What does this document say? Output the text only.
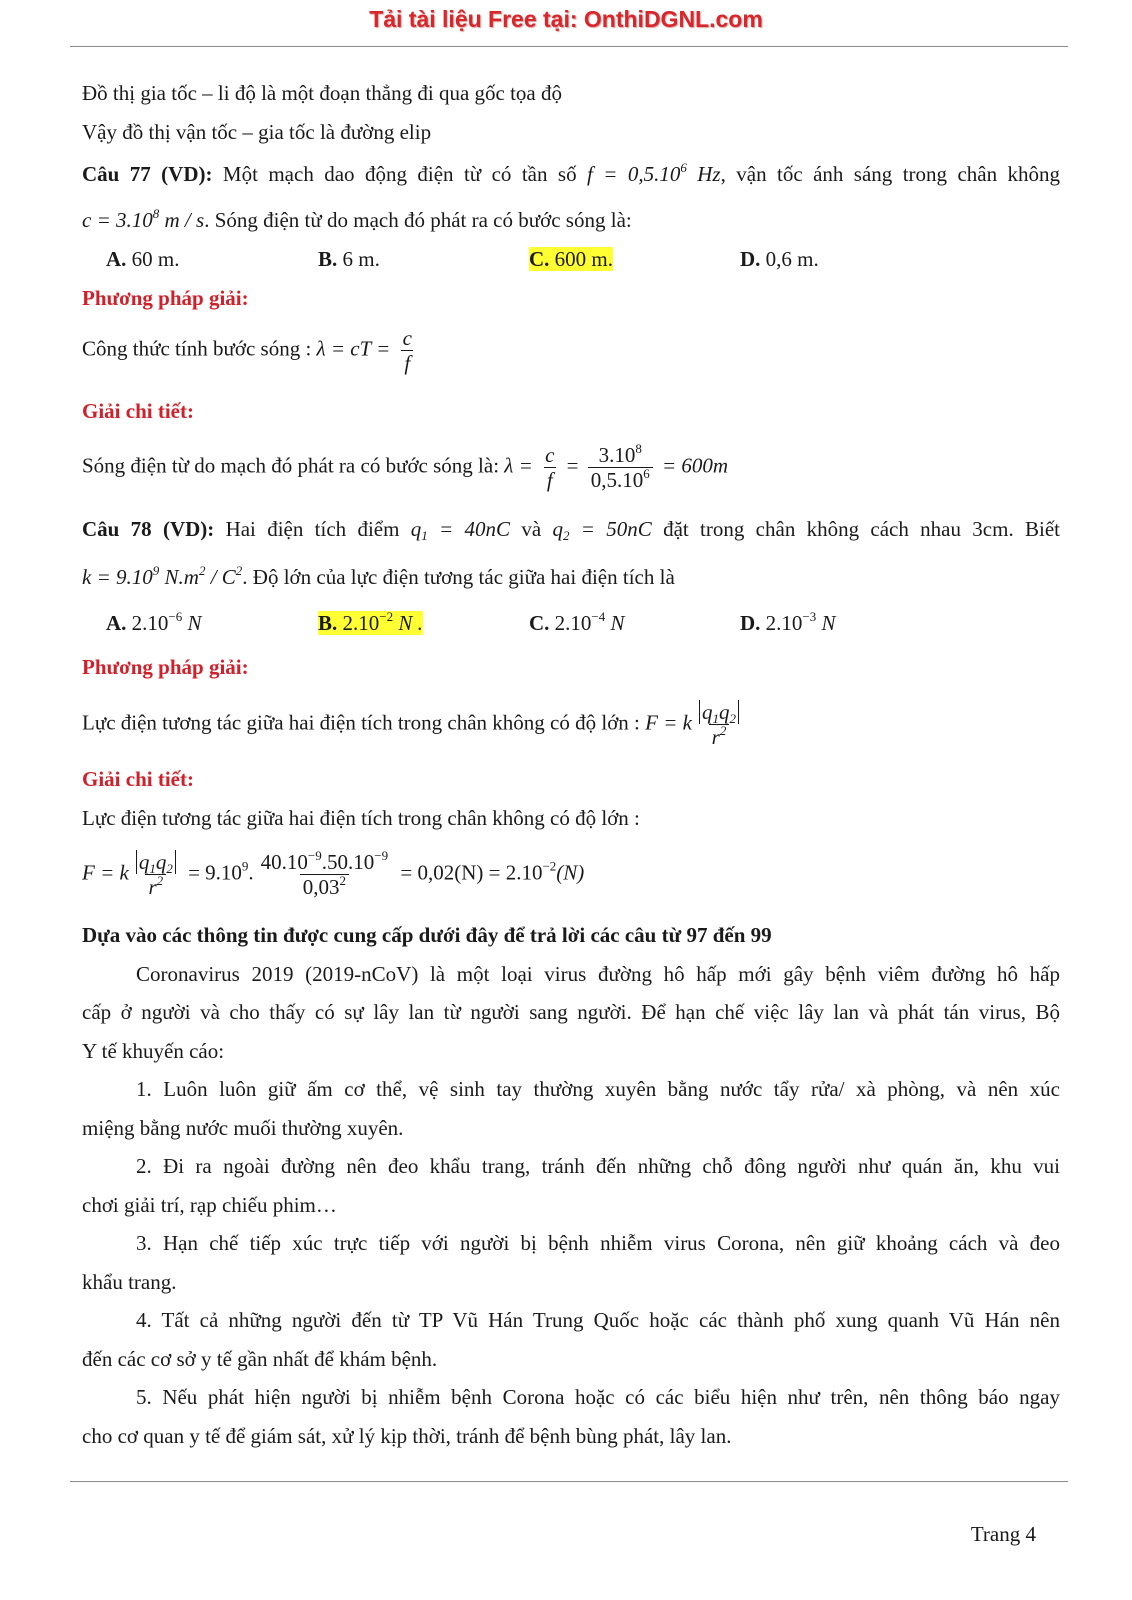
Tải tài liệu Free tại: OnthiDGNL.com
Đồ thị gia tốc – li độ là một đoạn thẳng đi qua gốc tọa độ
Vậy đồ thị vận tốc – gia tốc là đường elip
Câu 77 (VD): Một mạch dao động điện từ có tần số $f = 0,5.10^6$ Hz, vận tốc ánh sáng trong chân không
$c = 3.10^8$ m / s. Sóng điện từ do mạch đó phát ra có bước sóng là:
A. 60 m.	B. 6 m.	C. 600 m.	D. 0,6 m.
Phương pháp giải:
Công thức tính bước sóng : λ = cT = $\frac{c}{f}$
Giải chi tiết:
Sóng điện từ do mạch đó phát ra có bước sóng là: $\lambda = \frac{c}{f} = \frac{3.10^8}{0,5.10^6} = 600m$
Câu 78 (VD): Hai điện tích điểm $q_1 = 40nC$ và $q_2 = 50nC$ đặt trong chân không cách nhau 3cm. Biết
$k = 9.10^9$ $N.m^2 / C^2$. Độ lớn của lực điện tương tác giữa hai điện tích là
A. $2.10^{-6}$ N	B. $2.10^{-2}$ N .	C. $2.10^{-4}$ N	D. $2.10^{-3}$ N
Phương pháp giải:
Lực điện tương tác giữa hai điện tích trong chân không có độ lớn : F = k $\frac{q_1q_2}{r^2}$
Giải chi tiết:
Lực điện tương tác giữa hai điện tích trong chân không có độ lớn :
F = k $\frac{q_1q_2}{r^2} = 9.10^9$. $\frac{40.10^{-9}.50.10^{-9}}{0,03^2} = 0,02(N) = 2.10^{-2}(N)$
Dựa vào các thông tin được cung cấp dưới đây để trả lời các câu từ 97 đến 99
Coronavirus 2019 (2019-nCoV) là một loại virus đường hô hấp mới gây bệnh viêm đường hô hấp
cấp ở người và cho thấy có sự lây lan từ người sang người. Để hạn chế việc lây lan và phát tán virus, Bộ
Y tế khuyến cáo:
1. Luôn luôn giữ ấm cơ thể, vệ sinh tay thường xuyên bằng nước tẩy rửa/ xà phòng, và nên xúc
miệng bằng nước muối thường xuyên.
2. Đi ra ngoài đường nên đeo khẩu trang, tránh đến những chỗ đông người như quán ăn, khu vui
chơi giải trí, rạp chiếu phim…
3. Hạn chế tiếp xúc trực tiếp với người bị bệnh nhiễm virus Corona, nên giữ khoảng cách và đeo
khẩu trang.
4. Tất cả những người đến từ TP Vũ Hán Trung Quốc hoặc các thành phố xung quanh Vũ Hán nên
đến các cơ sở y tế gần nhất để khám bệnh.
5. Nếu phát hiện người bị nhiễm bệnh Corona hoặc có các biểu hiện như trên, nên thông báo ngay
cho cơ quan y tế để giám sát, xử lý kịp thời, tránh để bệnh bùng phát, lây lan.
Trang 4
